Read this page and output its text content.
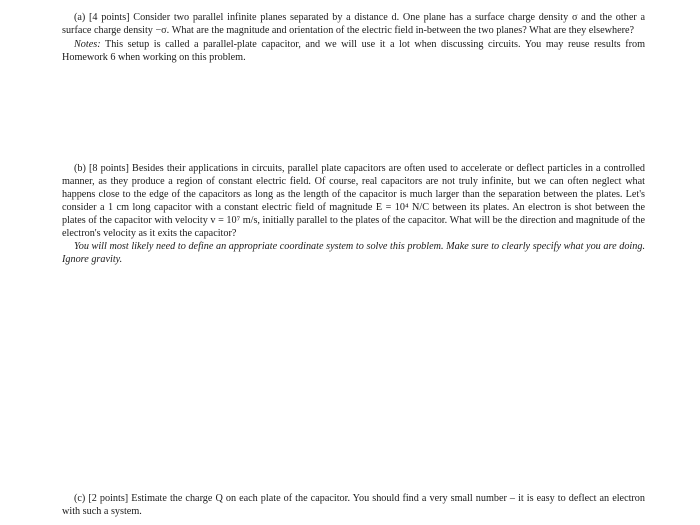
(a) [4 points] Consider two parallel infinite planes separated by a distance d. One plane has a surface charge density σ and the other a surface charge density −σ. What are the magnitude and orientation of the electric field in-between the two planes? What are they elsewhere?

Notes: This setup is called a parallel-plate capacitor, and we will use it a lot when discussing circuits. You may reuse results from Homework 6 when working on this problem.

(b) [8 points] Besides their applications in circuits, parallel plate capacitors are often used to accelerate or deflect particles in a controlled manner, as they produce a region of constant electric field. Of course, real capacitors are not truly infinite, but we can often neglect what happens close to the edge of the capacitors as long as the length of the capacitor is much larger than the separation between the plates. Let's consider a 1 cm long capacitor with a constant electric field of magnitude E = 10⁴ N/C between its plates. An electron is shot between the plates of the capacitor with velocity v = 10⁷ m/s, initially parallel to the plates of the capacitor. What will be the direction and magnitude of the electron's velocity as it exits the capacitor?

You will most likely need to define an appropriate coordinate system to solve this problem. Make sure to clearly specify what you are doing. Ignore gravity.

(c) [2 points] Estimate the charge Q on each plate of the capacitor. You should find a very small number – it is easy to deflect an electron with such a system.
